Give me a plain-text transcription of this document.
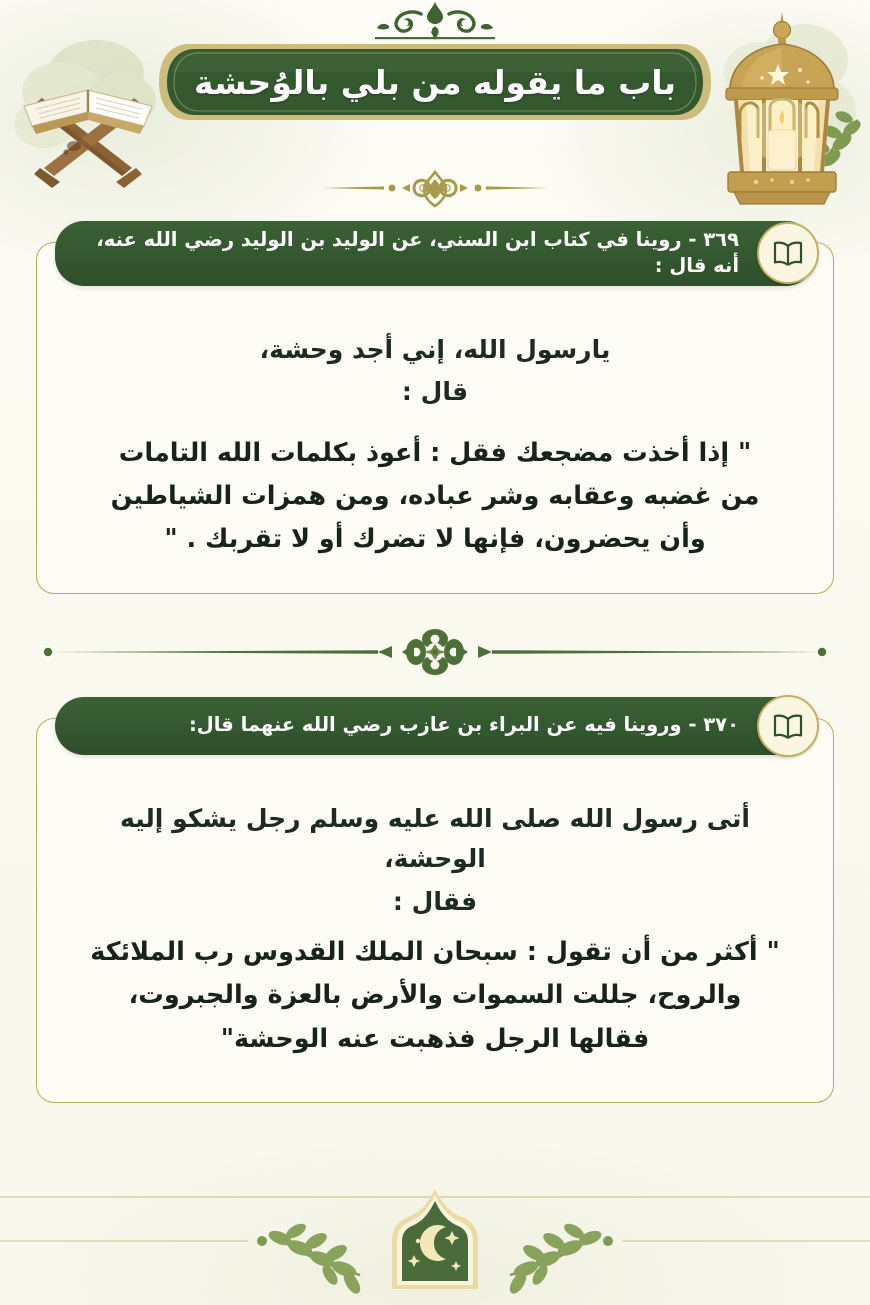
باب ما يقوله من بلي بالوُحشة
٣٦٩ - روينا في كتاب ابن السني، عن الوليد بن الوليد رضي الله عنه، أنه قال :

يارسول الله، إني أجد وحشة،

قال :

" إذا أخذت مضجعك فقل : أعوذ بكلمات الله التامات

من غضبه وعقابه وشر عباده، ومن همزات الشياطين

وأن يحضرون، فإنها لا تضرك أو لا تقربك . "

٣٧٠ - وروينا فيه عن البراء بن عازب رضي الله عنهما قال:

أتى رسول الله صلى الله عليه وسلم رجل يشكو إليه الوحشة،

فقال :

" أكثر من أن تقول : سبحان الملك القدوس رب الملائكة

والروح، جللت السموات والأرض بالعزة والجبروت،

فقالها الرجل فذهبت عنه الوحشة"
